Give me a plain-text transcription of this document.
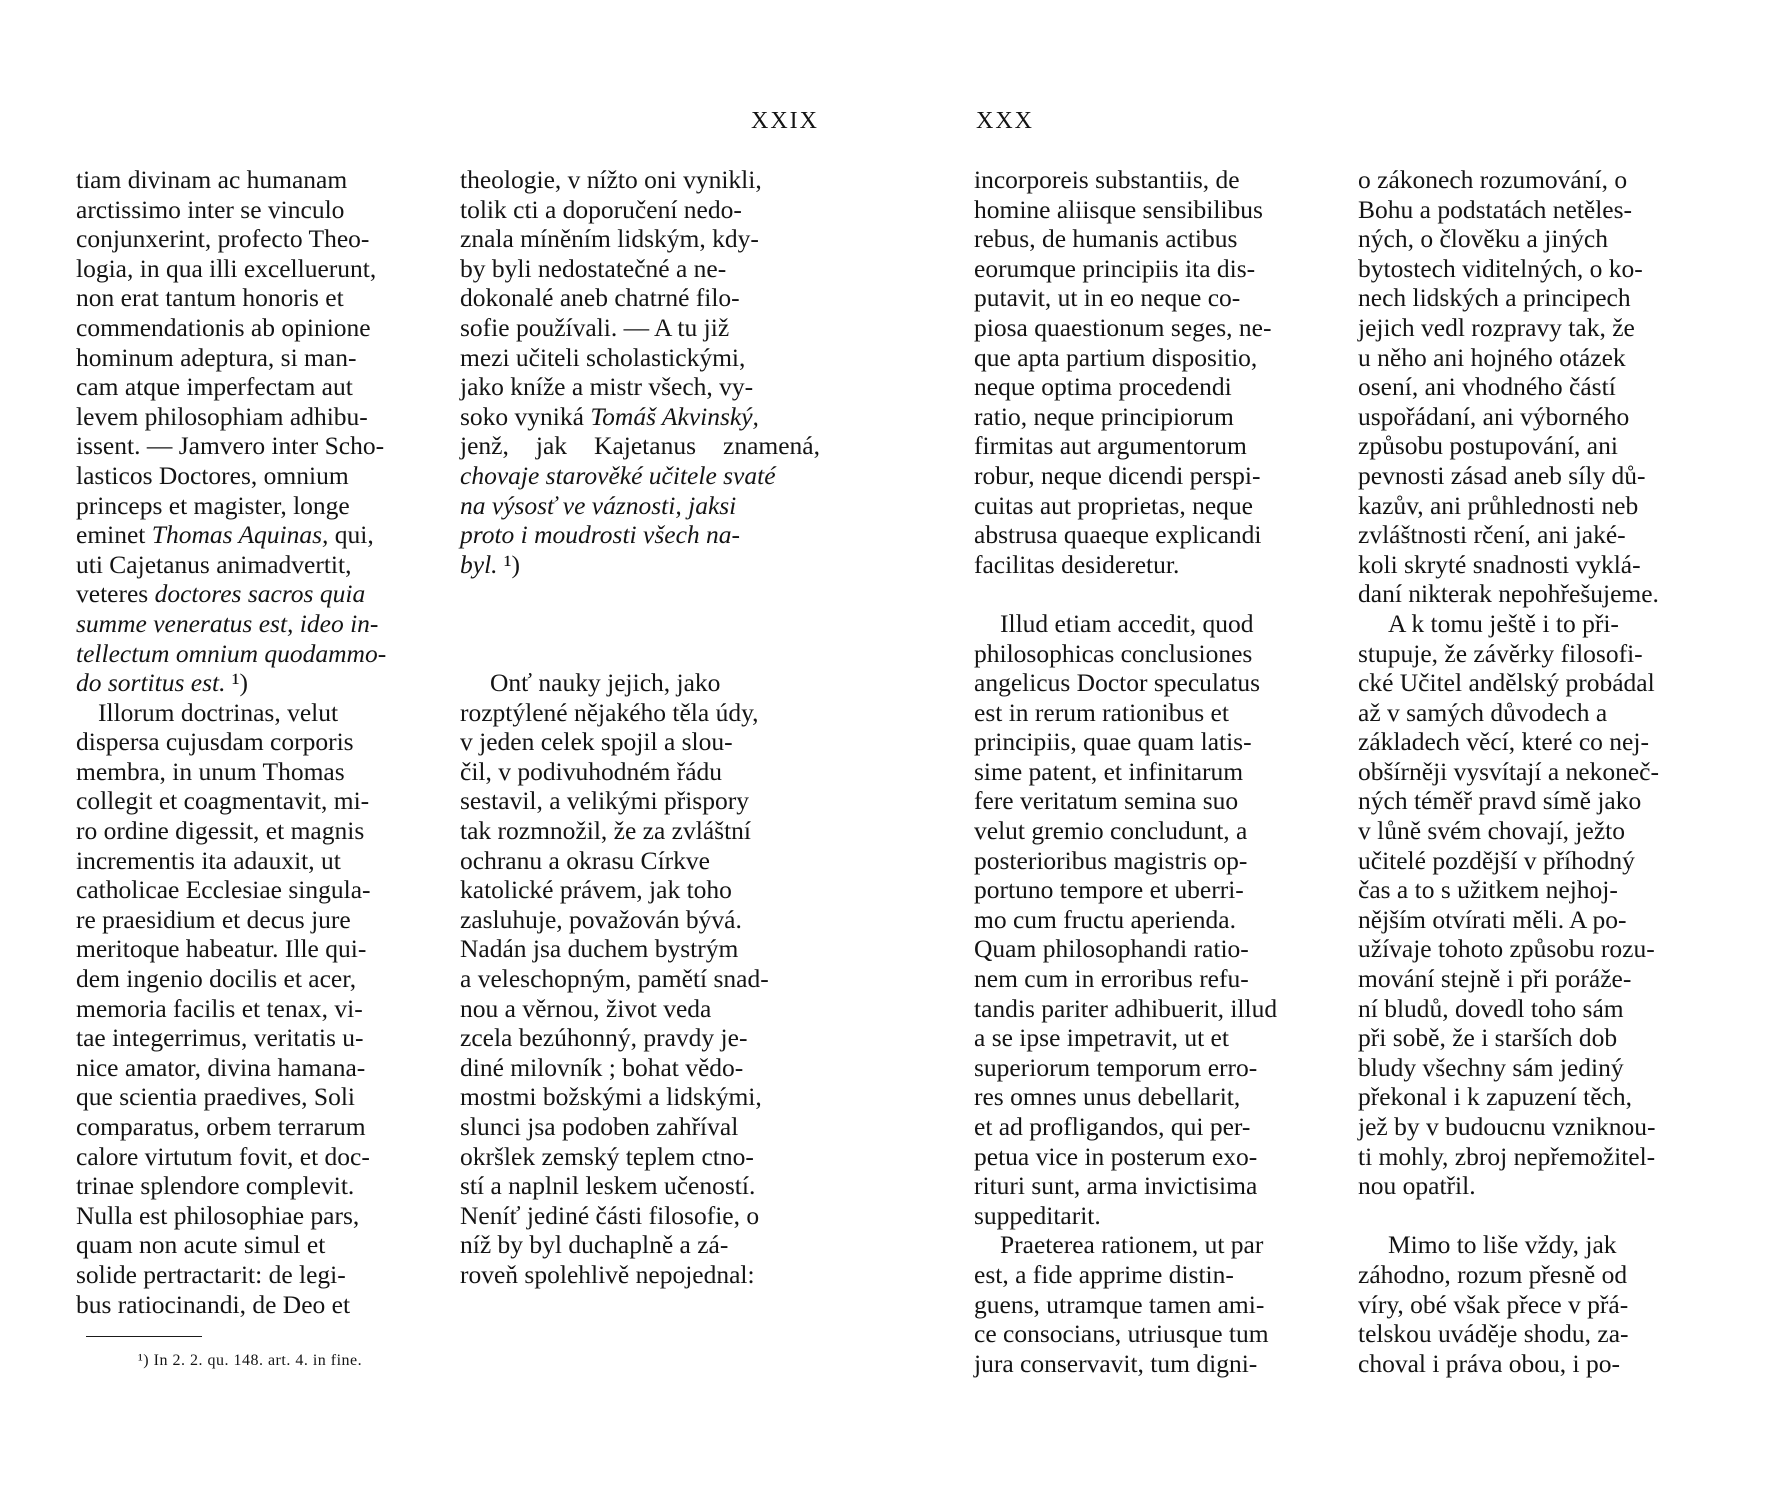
XXIX

tiam divinam ac humanam
arctissimo inter se vinculo
conjunxerint, profecto Theo-
logia, in qua illi excelluerunt,
non erat tantum honoris et
commendationis ab opinione
hominum adeptura, si man-
cam atque imperfectam aut
levem philosophiam adhibu-
issent. — Jamvero inter Scho-
lasticos Doctores, omnium
princeps et magister, longe
eminet Thomas Aquinas, qui,
uti Cajetanus animadvertit,
veteres doctores sacros quia
summe veneratus est, ideo in-
tellectum omnium quodammo-
do sortitus est. ¹)

Illorum doctrinas, velut
dispersa cujusdam corporis
membra, in unum Thomas
collegit et coagmentavit, mi-
ro ordine digessit, et magnis
incrementis ita adauxit, ut
catholicae Ecclesiae singula-
re praesidium et decus jure
meritoque habeatur. Ille qui-
dem ingenio docilis et acer,
memoria facilis et tenax, vi-
tae integerrimus, veritatis u-
nice amator, divina hamana-
que scientia praedives, Soli
comparatus, orbem terrarum
calore virtutum fovit, et doc-
trinae splendore complevit.
Nulla est philosophiae pars,
quam non acute simul et
solide pertractarit: de legi-
bus ratiocinandi, de Deo et

theologie, v nížto oni vynikli,
tolik cti a doporučení nedo-
znala míněním lidským, kdy-
by byli nedostatečné a ne-
dokonalé aneb chatrné filo-
sofie používali. — A tu již
mezi učiteli scholastickými,
jako kníže a mistr všech, vy-
soko vyniká Tomáš Akvinský,
jenž, jak Kajetanus znamená, chovaje starověké učitele svaté
na výsosť ve váznosti, jaksi
proto i moudrosti všech na-
byl. ¹)

Onť nauky jejich, jako
rozptýlené nějakého těla údy,
v jeden celek spojil a slou-
čil, v podivuhodném řádu
sestavil, a velikými přispory
tak rozmnožil, že za zvláštní
ochranu a okrasu Církve
katolické právem, jak toho
zasluhuje, považován bývá.
Nadán jsa duchem bystrým
a veleschopným, pamětí snad-
nou a věrnou, život veda
zcela bezúhonný, pravdy je-
diné milovník ; bohat vědo-
mostmi božskými a lidskými,
slunci jsa podoben zahříval
okršlek zemský teplem ctno-
stí a naplnil leskem učeností.
Neníť jediné části filosofie, o
níž by byl duchaplně a zá-
roveň spolehlivě nepojednal:

¹) In 2. 2. qu. 148. art. 4. in fine.
XXX

incorporeis substantiis, de
homine aliisque sensibilibus
rebus, de humanis actibus
eorumque principiis ita dis-
putavit, ut in eo neque co-
piosa quaestionum seges, ne-
que apta partium dispositio,
neque optima procedendi
ratio, neque principiorum
firmitas aut argumentorum
robur, neque dicendi perspi-
cuitas aut proprietas, neque
abstrusa quaeque explicandi
facilitas desideretur.

Illud etiam accedit, quod
philosophicas conclusiones
angelicus Doctor speculatus
est in rerum rationibus et
principiis, quae quam latis-
sime patent, et infinitarum
fere veritatum semina suo
velut gremio concludunt, a
posterioribus magistris op-
portuno tempore et uberri-
mo cum fructu aperienda.
Quam philosophandi ratio-
nem cum in erroribus refu-
tandis pariter adhibuerit, illud
a se ipse impetravit, ut et
superiorum temporum erro-
res omnes unus debellarit,
et ad profligandos, qui per-
petua vice in posterum exo-
rituri sunt, arma invictisima
suppeditarit.

Praeterea rationem, ut par
est, a fide apprime distin-
guens, utramque tamen ami-
ce consocians, utriusque tum
jura conservavit, tum digni-

o zákonech rozumování, o
Bohu a podstatách netěles-
ných, o člověku a jiných
bytostech viditelných, o ko-
nech lidských a principech
jejich vedl rozpravy tak, že
u něho ani hojného otázek
osení, ani vhodného částí
uspořádaní, ani výborného
způsobu postupování, ani
pevnosti zásad aneb síly dů-
kazův, ani průhlednosti neb
zvláštnosti rčení, ani jaké-
koli skryté snadnosti vyklá-
daní nikterak nepohřešujeme.

A k tomu ještě i to při-
stupuje, že závěrky filosofi-
cké Učitel andělský probádal
až v samých důvodech a
základech věcí, které co nej-
obšírněji vysvítají a nekoneč-
ných téměř pravd símě jako
v lůně svém chovají, ježto
učitelé pozdější v příhodný
čas a to s užitkem nejhoj-
nějším otvírati měli. A po-
užívaje tohoto způsobu rozu-
mování stejně i při poráže-
ní bludů, dovedl toho sám
při sobě, že i starších dob
bludy všechny sám jediný
překonal i k zapuzení těch,
jež by v budoucnu vzniknou-
ti mohly, zbroj nepřemožitel-
nou opatřil.

Mimo to liše vždy, jak
záhodno, rozum přesně od
víry, obé však přece v přá-
telskou uváděje shodu, za-
choval i práva obou, i po-
